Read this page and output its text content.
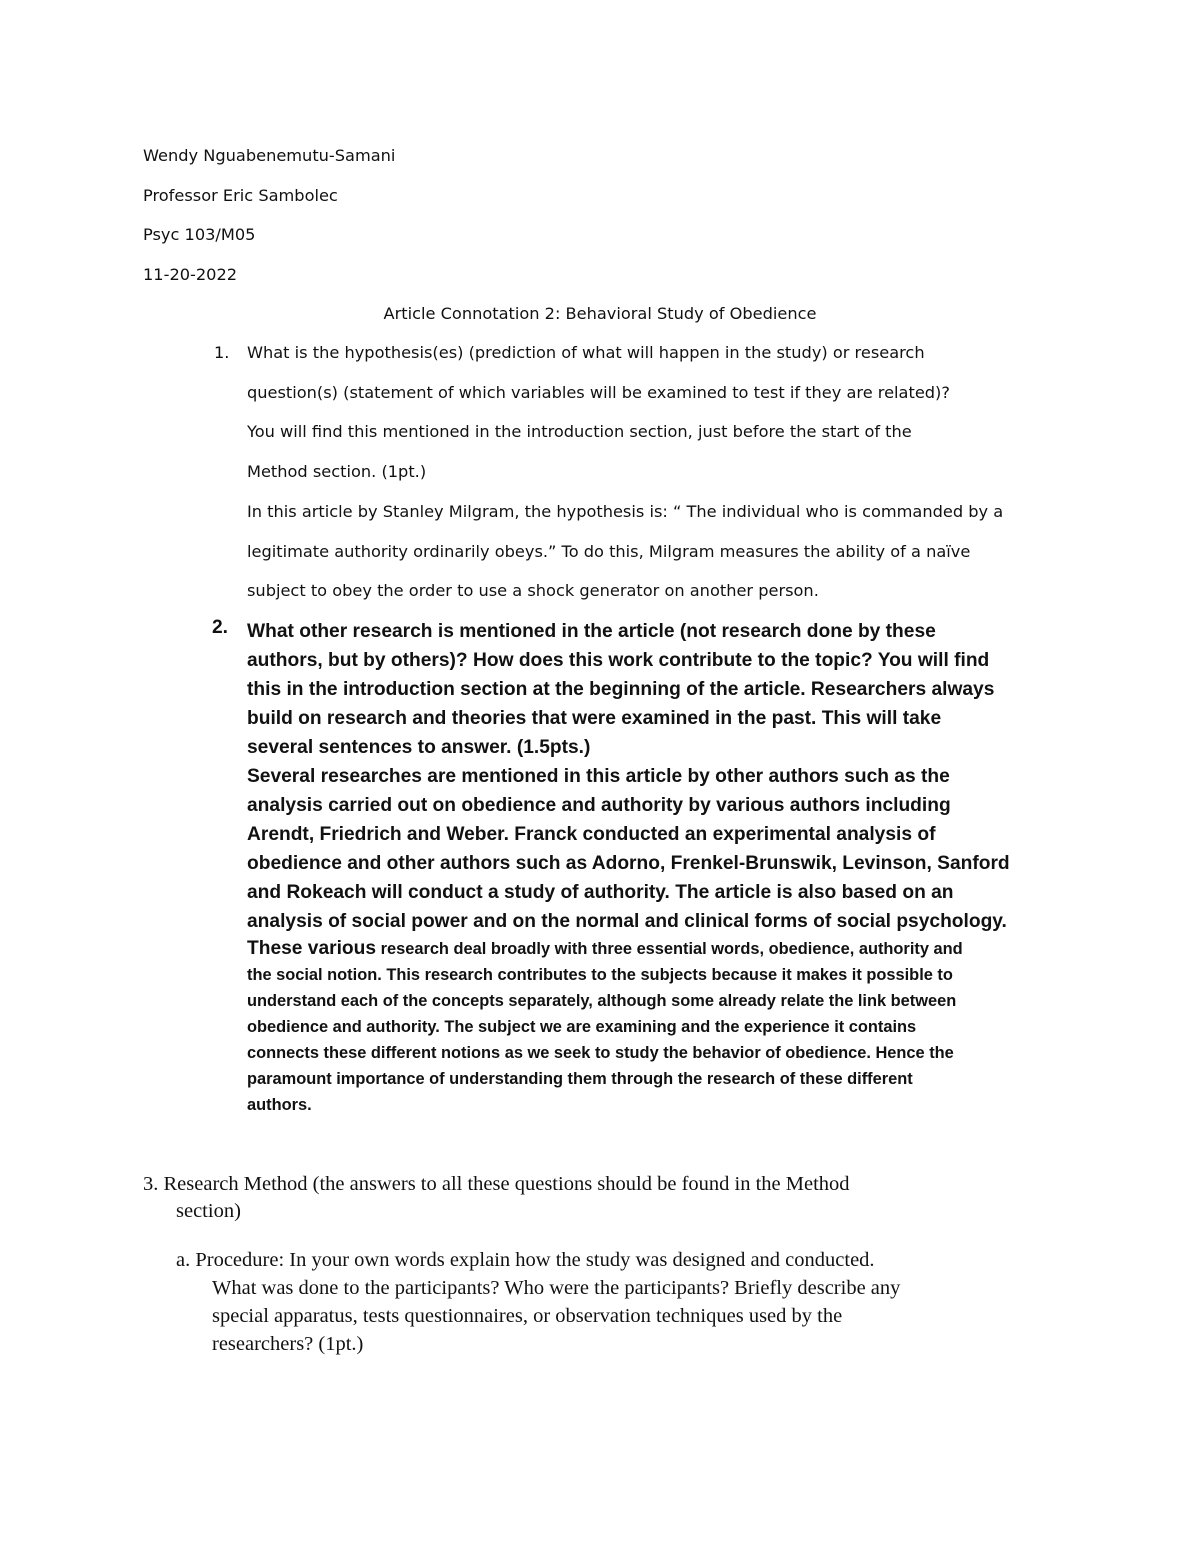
Wendy Nguabenemutu-Samani
Professor Eric Sambolec
Psyc 103/M05
11-20-2022
Article Connotation 2: Behavioral Study of Obedience
1. What is the hypothesis(es) (prediction of what will happen in the study) or research
question(s) (statement of which variables will be examined to test if they are related)?
You will find this mentioned in the introduction section, just before the start of the
Method section. (1pt.)
In this article by Stanley Milgram, the hypothesis is: “ The individual who is commanded by a
legitimate authority ordinarily obeys.” To do this, Milgram measures the ability of a naïve
subject to obey the order to use a shock generator on another person.
2. What other research is mentioned in the article (not research done by these
authors, but by others)? How does this work contribute to the topic? You will find
this in the introduction section at the beginning of the article. Researchers always
build on research and theories that were examined in the past. This will take
several sentences to answer. (1.5pts.)
Several researches are mentioned in this article by other authors such as the
analysis carried out on obedience and authority by various authors including
Arendt, Friedrich and Weber. Franck conducted an experimental analysis of
obedience and other authors such as Adorno, Frenkel-Brunswik, Levinson, Sanford
and Rokeach will conduct a study of authority. The article is also based on an
analysis of social power and on the normal and clinical forms of social psychology.
These various research deal broadly with three essential words, obedience, authority and
the social notion. This research contributes to the subjects because it makes it possible to
understand each of the concepts separately, although some already relate the link between
obedience and authority. The subject we are examining and the experience it contains
connects these different notions as we seek to study the behavior of obedience. Hence the
paramount importance of understanding them through the research of these different
authors.
3. Research Method (the answers to all these questions should be found in the Method
section)
a. Procedure: In your own words explain how the study was designed and conducted.
What was done to the participants? Who were the participants? Briefly describe any
special apparatus, tests questionnaires, or observation techniques used by the
researchers? (1pt.)
